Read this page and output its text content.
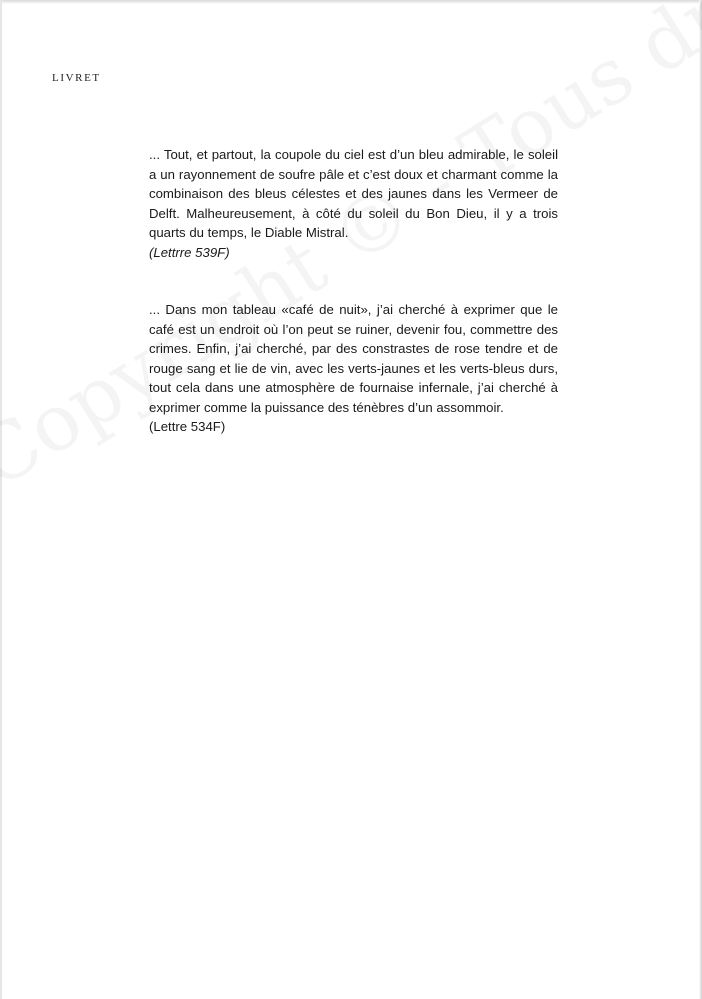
LIVRET

... Tout, et partout, la coupole du ciel est d’un bleu admirable, le soleil a un rayonnement de soufre pâle et c’est doux et charmant comme la combinaison des bleus célestes et des jaunes dans les Vermeer de Delft. Malheureusement, à côté du soleil du Bon Dieu, il y a trois quarts du temps, le Diable Mistral.

(Lettrre 539F)

... Dans mon tableau «café de nuit», j’ai cherché à exprimer que le café est un endroit où l’on peut se ruiner, devenir fou, commettre des crimes. Enfin, j’ai cherché, par des constrastes de rose tendre et de rouge sang et lie de vin, avec les verts-jaunes et les verts-bleus durs, tout cela dans une atmosphère de fournaise infernale, j’ai cherché à exprimer comme la puissance des ténèbres d’un assommoir.

(Lettre 534F)
